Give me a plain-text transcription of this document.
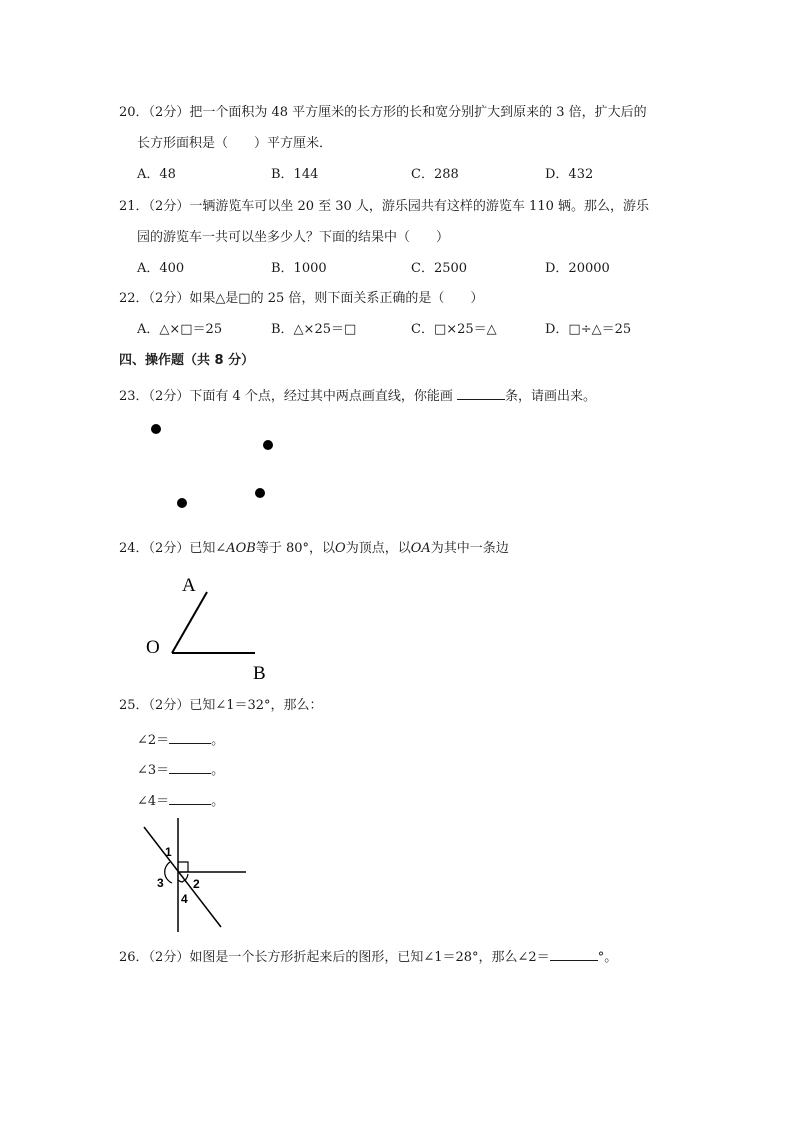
20．（2分）把一个面积为 48 平方厘米的长方形的长和宽分别扩大到原来的 3 倍，扩大后的
长方形面积是（　　）平方厘米．
A．48	B．144	C．288	D．432
21．（2分）一辆游览车可以坐 20 至 30 人，游乐园共有这样的游览车 110 辆。那么，游乐
园的游览车一共可以坐多少人？下面的结果中（　　）
A．400	B．1000	C．2500	D．20000
22．（2分）如果△是□的 25 倍，则下面关系正确的是（　　）
A．△×□＝25	B．△×25＝□	C．□×25＝△	D．□÷△＝25
四、操作题（共 8 分）
23．（2分）下面有 4 个点，经过其中两点画直线，你能画	条，请画出来。
24．（2分）已知∠AOB等于 80°，以O为顶点，以OA为其中一条边
A
O
B
25．（2分）已知∠1＝32°，那么：
∠2＝	。
∠3＝	。
∠4＝	。
1
2
3
4
26．（2分）如图是一个长方形折起来后的图形，已知∠1＝28°，那么∠2＝	°。
